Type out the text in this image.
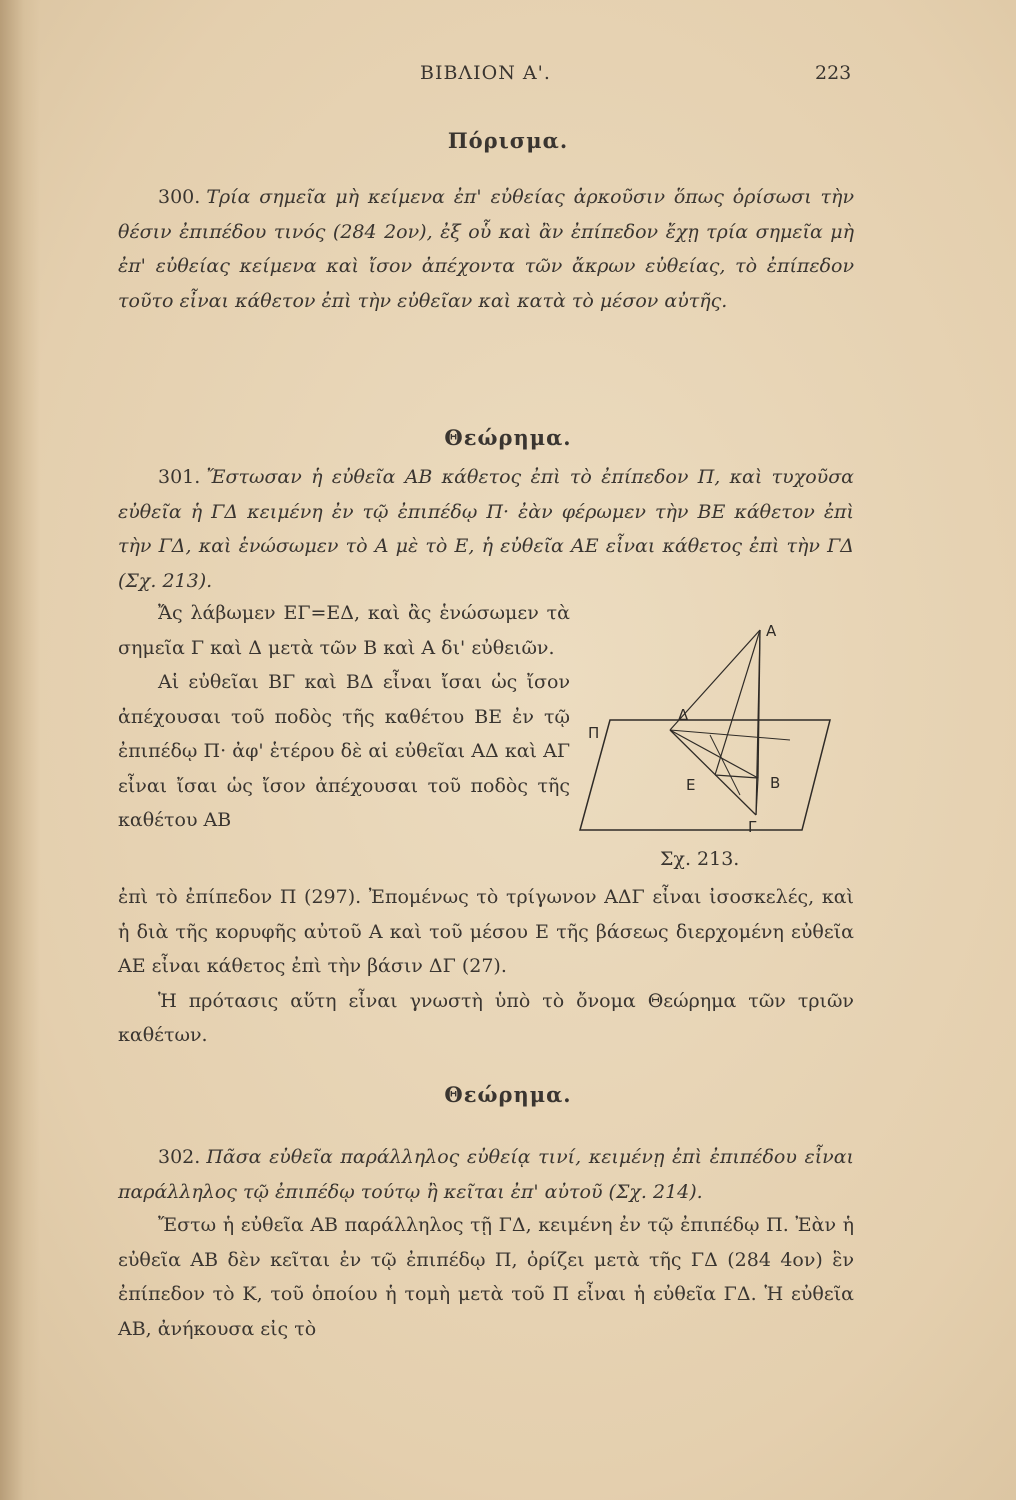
ΒΙΒΛΙΟΝ Α'.	223
Πόρισμα.
300. Τρία σημεῖα μὴ κείμενα ἐπ' εὐθείας ἀρκοῦσιν ὅπως ὁρίσωσι τὴν θέσιν ἐπιπέδου τινός (284 2ον), ἐξ οὗ καὶ ἂν ἐπίπεδον ἔχῃ τρία σημεῖα μὴ ἐπ' εὐθείας κείμενα καὶ ἴσον ἀπέχοντα τῶν ἄκρων εὐθείας, τὸ ἐπίπεδον τοῦτο εἶναι κάθετον ἐπὶ τὴν εὐθεῖαν καὶ κατὰ τὸ μέσον αὐτῆς.
Θεώρημα.
301. Ἔστωσαν ἡ εὐθεῖα ΑΒ κάθετος ἐπὶ τὸ ἐπίπεδον Π, καὶ τυχοῦσα εὐθεῖα ἡ ΓΔ κειμένη ἐν τῷ ἐπιπέδῳ Π· ἐὰν φέρωμεν τὴν ΒΕ κάθετον ἐπὶ τὴν ΓΔ, καὶ ἑνώσωμεν τὸ Α μὲ τὸ Ε, ἡ εὐθεῖα ΑΕ εἶναι κάθετος ἐπὶ τὴν ΓΔ (Σχ. 213).
Ἄς λάβωμεν ΕΓ=ΕΔ, καὶ ἂς ἑνώσωμεν τὰ σημεῖα Γ καὶ Δ μετὰ τῶν Β καὶ Α δι' εὐθειῶν.
Αἱ εὐθεῖαι ΒΓ καὶ ΒΔ εἶναι ἴσαι ὡς ἴσον ἀπέχουσαι τοῦ ποδὸς τῆς καθέτου ΒΕ ἐν τῷ ἐπιπέδῳ Π· ἀφ' ἑτέρου δὲ αἱ εὐθεῖαι ΑΔ καὶ ΑΓ εἶναι ἴσαι ὡς ἴσον ἀπέχουσαι τοῦ ποδὸς τῆς καθέτου ΑΒ
Α
Δ
Π
Ε	Β
Γ
Σχ. 213.
ἐπὶ τὸ ἐπίπεδον Π (297). Ἐπομένως τὸ τρίγωνον ΑΔΓ εἶναι ἰσοσκελές, καὶ ἡ διὰ τῆς κορυφῆς αὐτοῦ Α καὶ τοῦ μέσου Ε τῆς βάσεως διερχομένη εὐθεῖα ΑΕ εἶναι κάθετος ἐπὶ τὴν βάσιν ΔΓ (27).
Ἡ πρότασις αὕτη εἶναι γνωστὴ ὑπὸ τὸ ὄνομα Θεώρημα τῶν τριῶν καθέτων.
Θεώρημα.
302. Πᾶσα εὐθεῖα παράλληλος εὐθείᾳ τινί, κειμένῃ ἐπὶ ἐπιπέδου εἶναι παράλληλος τῷ ἐπιπέδῳ τούτῳ ἢ κεῖται ἐπ' αὐτοῦ (Σχ. 214).
Ἔστω ἡ εὐθεῖα ΑΒ παράλληλος τῇ ΓΔ, κειμένη ἐν τῷ ἐπιπέδῳ Π. Ἐὰν ἡ εὐθεῖα ΑΒ δὲν κεῖται ἐν τῷ ἐπιπέδῳ Π, ὁρίζει μετὰ τῆς ΓΔ (284 4ον) ἓν ἐπίπεδον τὸ Κ, τοῦ ὁποίου ἡ τομὴ μετὰ τοῦ Π εἶναι ἡ εὐθεῖα ΓΔ. Ἡ εὐθεῖα ΑΒ, ἀνήκουσα εἰς τὸ
